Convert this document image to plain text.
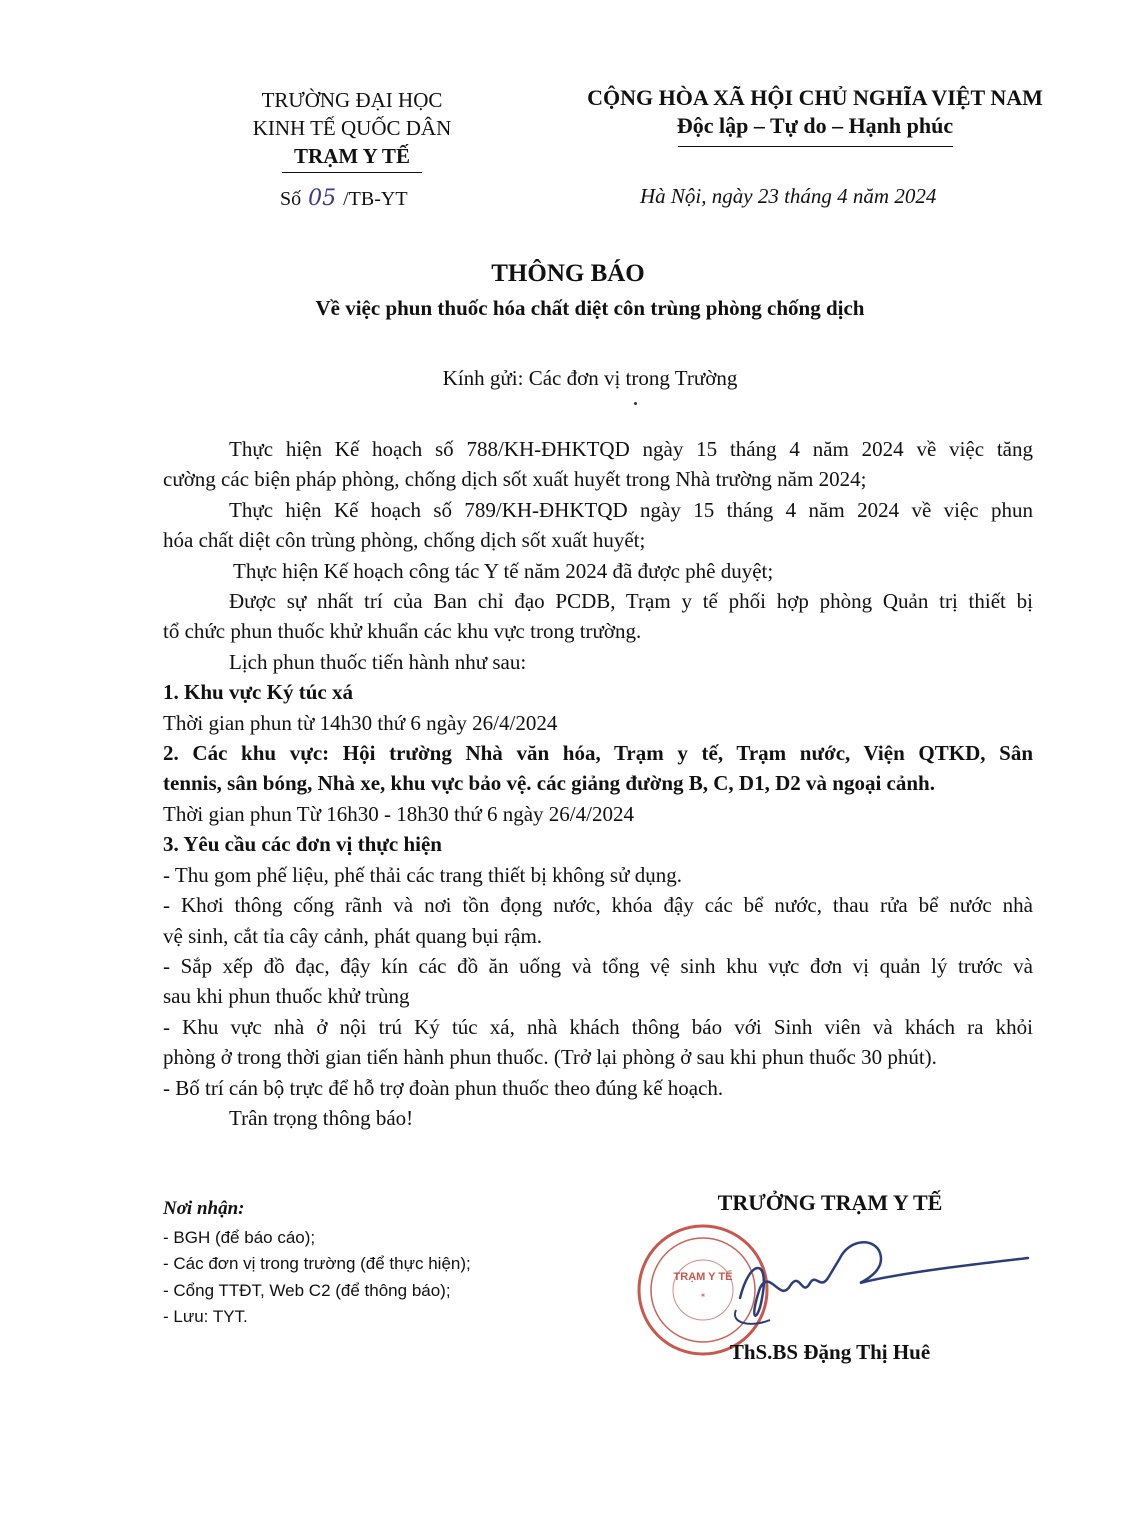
TRƯỜNG ĐẠI HỌC
KINH TẾ QUỐC DÂN
TRẠM Y TẾ
Số 05 /TB-YT
CỘNG HÒA XÃ HỘI CHỦ NGHĨA VIỆT NAM
Độc lập – Tự do – Hạnh phúc
Hà Nội, ngày 23 tháng 4 năm 2024
THÔNG BÁO
Về việc phun thuốc hóa chất diệt côn trùng phòng chống dịch
Kính gửi: Các đơn vị trong Trường

Thực hiện Kế hoạch số 788/KH-ĐHKTQD ngày 15 tháng 4 năm 2024 về việc tăng

cường các biện pháp phòng, chống dịch sốt xuất huyết trong Nhà trường năm 2024;

Thực hiện Kế hoạch số 789/KH-ĐHKTQD ngày 15 tháng 4 năm 2024 về việc phun

hóa chất diệt côn trùng phòng, chống dịch sốt xuất huyết;

Thực hiện Kế hoạch công tác Y tế năm 2024 đã được phê duyệt;

Được sự nhất trí của Ban chỉ đạo PCDB, Trạm y tế phối hợp phòng Quản trị thiết bị

tổ chức phun thuốc khử khuẩn các khu vực trong trường.

Lịch phun thuốc tiến hành như sau:

1. Khu vực Ký túc xá

Thời gian phun từ 14h30 thứ 6 ngày 26/4/2024

2. Các khu vực: Hội trường Nhà văn hóa, Trạm y tế, Trạm nước, Viện QTKD, Sân

tennis, sân bóng, Nhà xe, khu vực bảo vệ. các giảng đường B, C, D1, D2 và ngoại cảnh.

Thời gian phun Từ 16h30 - 18h30 thứ 6 ngày 26/4/2024

3. Yêu cầu các đơn vị thực hiện

- Thu gom phế liệu, phế thải các trang thiết bị không sử dụng.

- Khơi thông cống rãnh và nơi tồn đọng nước, khóa đậy các bể nước, thau rửa bể nước nhà

vệ sinh, cắt tỉa cây cảnh, phát quang bụi rậm.

- Sắp xếp đồ đạc, đậy kín các đồ ăn uống và tổng vệ sinh khu vực đơn vị quản lý trước và

sau khi phun thuốc khử trùng

- Khu vực nhà ở nội trú Ký túc xá, nhà khách thông báo với Sinh viên và khách ra khỏi

phòng ở trong thời gian tiến hành phun thuốc. (Trở lại phòng ở sau khi phun thuốc 30 phút).

- Bố trí cán bộ trực để hỗ trợ đoàn phun thuốc theo đúng kế hoạch.

Trân trọng thông báo!

Nơi nhận:
- BGH (để báo cáo);
- Các đơn vị trong trường (để thực hiện);
- Cổng TTĐT, Web C2 (để thông báo);
- Lưu: TYT.
TRƯỞNG TRẠM Y TẾ
TRẠM Y TẾ
✶
ThS.BS Đặng Thị Huê
